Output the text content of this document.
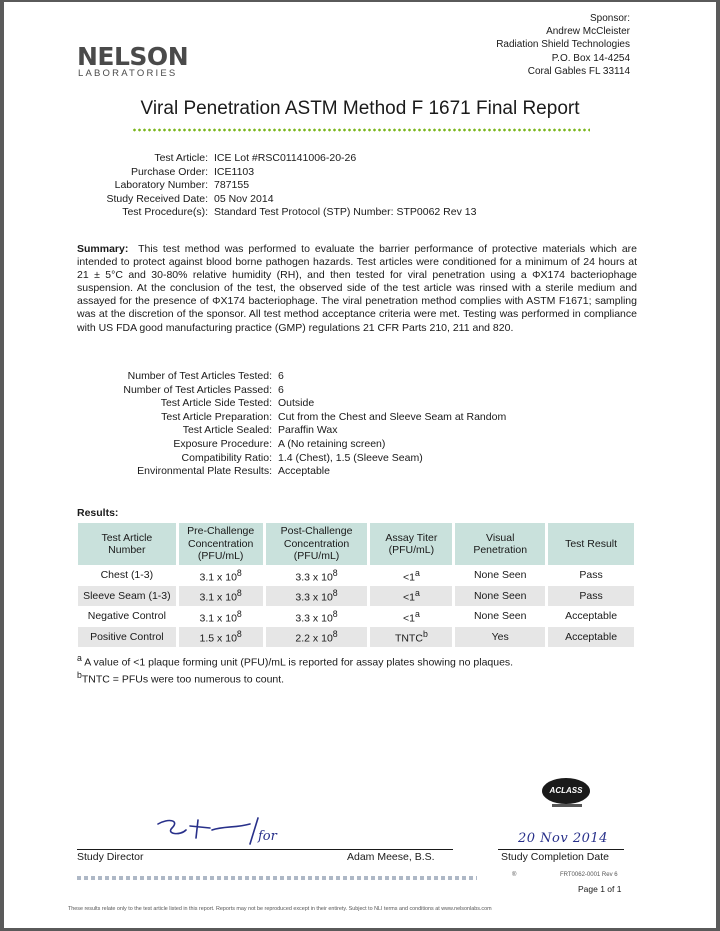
NELSON
LABORATORIES
Sponsor:
Andrew McCleister
Radiation Shield Technologies
P.O. Box 14-4254
Coral Gables FL 33114
Viral Penetration ASTM Method F 1671 Final Report
Test Article: ICE Lot #RSC01141006-20-26
Purchase Order: ICE1103
Laboratory Number: 787155
Study Received Date: 05 Nov 2014
Test Procedure(s): Standard Test Protocol (STP) Number: STP0062 Rev 13
Summary: This test method was performed to evaluate the barrier performance of protective materials which are intended to protect against blood borne pathogen hazards. Test articles were conditioned for a minimum of 24 hours at 21 ± 5°C and 30-80% relative humidity (RH), and then tested for viral penetration using a ΦX174 bacteriophage suspension. At the conclusion of the test, the observed side of the test article was rinsed with a sterile medium and assayed for the presence of ΦX174 bacteriophage. The viral penetration method complies with ASTM F1671; sampling was at the discretion of the sponsor. All test method acceptance criteria were met. Testing was performed in compliance with US FDA good manufacturing practice (GMP) regulations 21 CFR Parts 210, 211 and 820.
Number of Test Articles Tested: 6
Number of Test Articles Passed: 6
Test Article Side Tested: Outside
Test Article Preparation: Cut from the Chest and Sleeve Seam at Random
Test Article Sealed: Paraffin Wax
Exposure Procedure: A (No retaining screen)
Compatibility Ratio: 1.4 (Chest), 1.5 (Sleeve Seam)
Environmental Plate Results: Acceptable
Results:
Test Article
Number	Pre-Challenge
Concentration
(PFU/mL)	Post-Challenge
Concentration
(PFU/mL)	Assay Titer
(PFU/mL)	Visual
Penetration	Test Result
Chest (1-3)	3.1 x $10^8$	3.3 x $10^8$	$<1^a$	None Seen	Pass
Sleeve Seam (1-3)	3.1 x $10^8$	3.3 x $10^8$	$<1^a$	None Seen	Pass
Negative Control	3.1 x $10^8$	3.3 x $10^8$	$<1^a$	None Seen	Acceptable
Positive Control	1.5 x $10^8$	2.2 x $10^8$	TNTC$^b$	Yes	Acceptable
$^a$ A value of <1 plaque forming unit (PFU)/mL is reported for assay plates showing no plaques.
$^b$TNTC = PFUs were too numerous to count.
ACLASS
for	20 Nov 2014
Study Director	Adam Meese, B.S.	Study Completion Date
®	FRT0062-0001 Rev 6
Page 1 of 1
These results relate only to the test article listed in this report. Reports may not be reproduced except in their entirety. Subject to NLI terms and conditions at www.nelsonlabs.com
